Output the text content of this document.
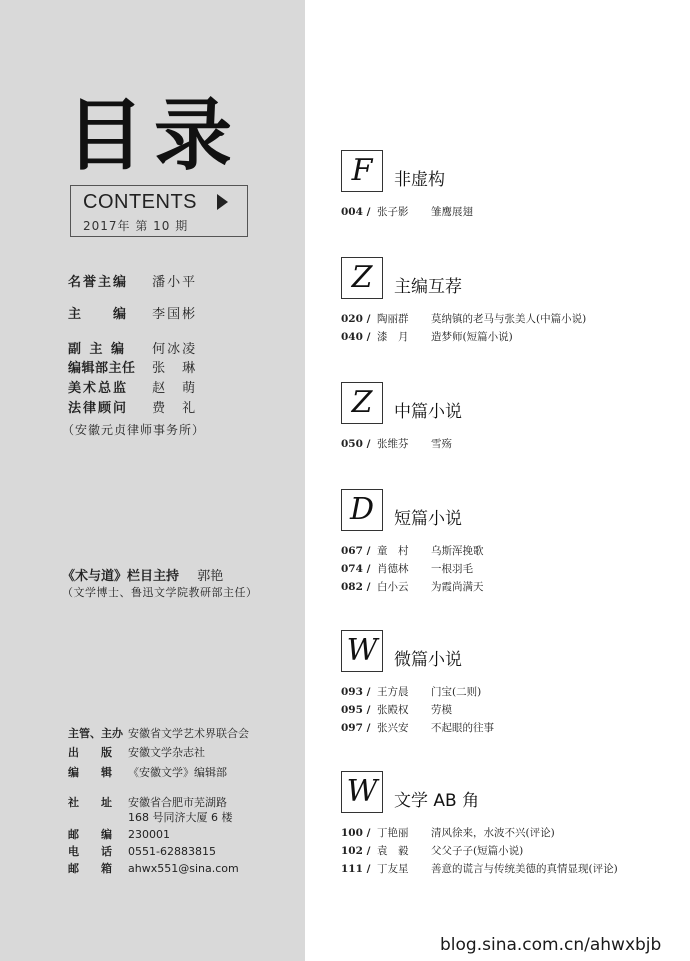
目录
CONTENTS
2017年 第 10 期
名誉主编 潘小平
主　　编 李国彬
副 主 编 何冰凌
编辑部主任 张　琳
美术总监 赵　萌
法律顾问 费　礼
（安徽元贞律师事务所）
《术与道》栏目主持 郭艳
（文学博士、鲁迅文学院教研部主任）
主管、主办 安徽省文学艺术界联合会
出　　版 安徽文学杂志社
编　　辑 《安徽文学》编辑部
社　　址 安徽省合肥市芜湖路
168 号同济大厦 6 楼
邮　　编 230001
电　　话 0551-62883815
邮　　箱 ahwx551@sina.com
F	非虚构
004 / 张子影 雏鹰展翅
Z	主编互荐
020 / 陶丽群 莫纳镇的老马与张美人(中篇小说)
040 / 漆　月 造梦师(短篇小说)
Z	中篇小说
050 / 张维芬 雪殇
D	短篇小说
067 / 童　村 乌斯浑挽歌
074 / 肖德林 一根羽毛
082 / 白小云 为霞尚满天
W 微篇小说
093 / 王方晨 门宝(二则)
095 / 张殿权 劳模
097 / 张兴安 不起眼的往事
W 文学 AB 角
100 / 丁艳丽 清风徐来，水波不兴(评论)
102 / 袁　毅 父父子子(短篇小说)
111 / 丁友星 善意的谎言与传统美德的真情显现(评论)
blog.sina.com.cn/ahwxbjb
